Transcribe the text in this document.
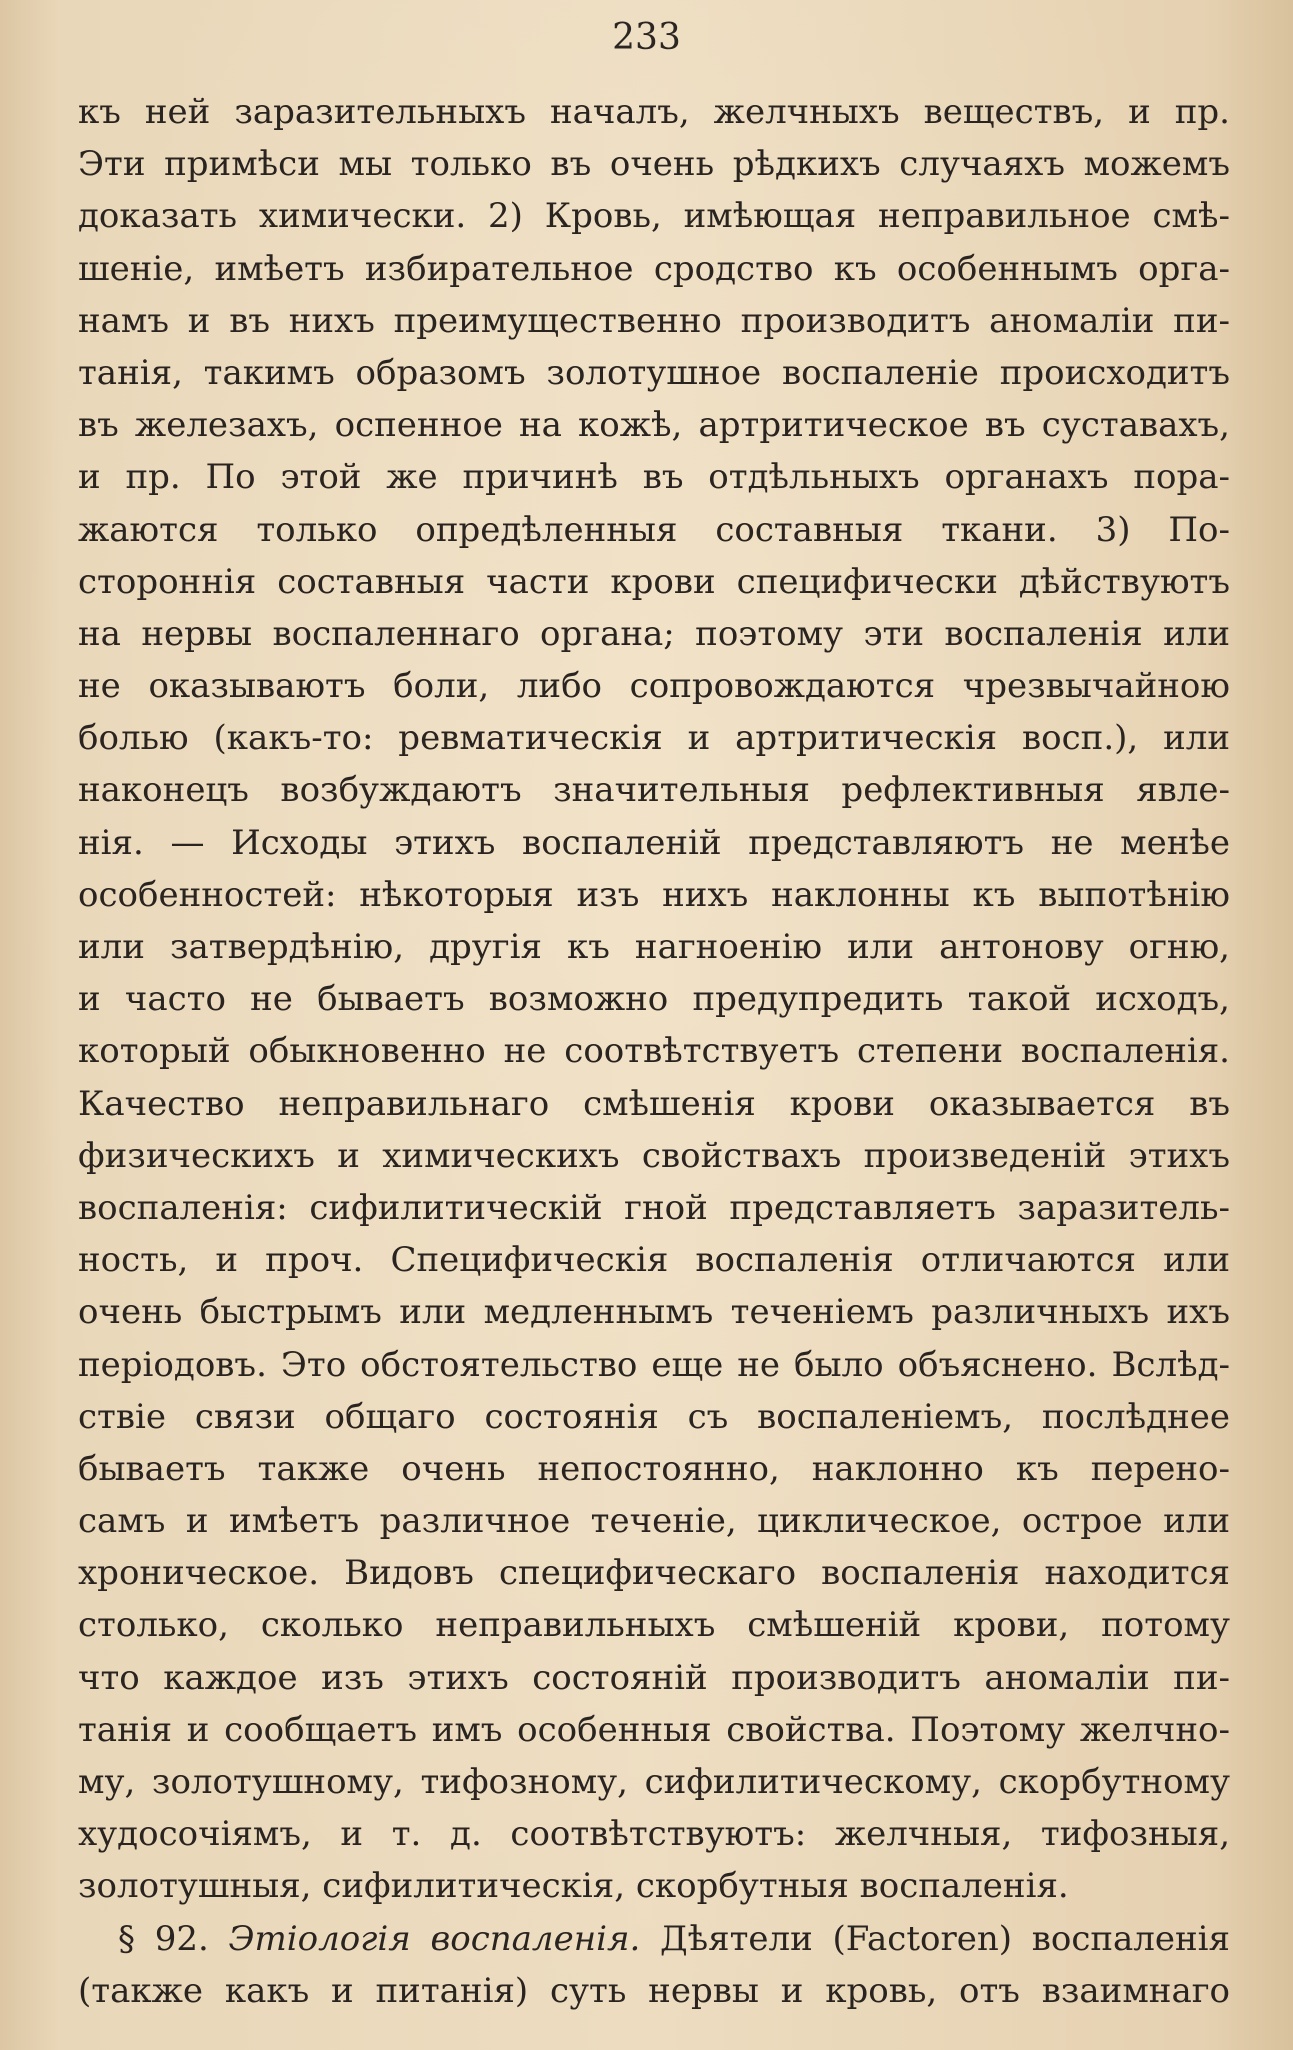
233
къ ней заразительныхъ началъ, желчныхъ веществъ, и пр.
Эти примѣси мы только въ очень рѣдкихъ случаяхъ можемъ
доказать химически. 2) Кровь, имѣющая неправильное смѣ-
шеніе, имѣетъ избирательное сродство къ особеннымъ орга-
намъ и въ нихъ преимущественно производитъ аномаліи пи-
танія, такимъ образомъ золотушное воспаленіе происходитъ
въ железахъ, оспенное на кожѣ, артритическое въ суставахъ,
и пр. По этой же причинѣ въ отдѣльныхъ органахъ пора-
жаются только опредѣленныя составныя ткани. 3) По-
стороннія составныя части крови специфически дѣйствуютъ
на нервы воспаленнаго органа; поэтому эти воспаленія или
не оказываютъ боли, либо сопровождаются чрезвычайною
болью (какъ-то: ревматическія и артритическія восп.), или
наконецъ возбуждаютъ значительныя рефлективныя явле-
нія. — Исходы этихъ воспаленій представляютъ не менѣе
особенностей: нѣкоторыя изъ нихъ наклонны къ выпотѣнію
или затвердѣнію, другія къ нагноенію или антонову огню,
и часто не бываетъ возможно предупредить такой исходъ,
который обыкновенно не соотвѣтствуетъ степени воспаленія.
Качество неправильнаго смѣшенія крови оказывается въ
физическихъ и химическихъ свойствахъ произведеній этихъ
воспаленія: сифилитическій гной представляетъ заразитель-
ность, и проч. Специфическія воспаленія отличаются или
очень быстрымъ или медленнымъ теченіемъ различныхъ ихъ
періодовъ. Это обстоятельство еще не было объяснено. Вслѣд-
ствіе связи общаго состоянія съ воспаленіемъ, послѣднее
бываетъ также очень непостоянно, наклонно къ перено-
самъ и имѣетъ различное теченіе, циклическое, острое или
хроническое. Видовъ специфическаго воспаленія находится
столько, сколько неправильныхъ смѣшеній крови, потому
что каждое изъ этихъ состояній производитъ аномаліи пи-
танія и сообщаетъ имъ особенныя свойства. Поэтому желчно-
му, золотушному, тифозному, сифилитическому, скорбутному
худосочіямъ, и т. д. соотвѣтствуютъ: желчныя, тифозныя,
золотушныя, сифилитическія, скорбутныя воспаленія.
§ 92. Этіологія воспаленія. Дѣятели (Factoren) воспаленія
(также какъ и питанія) суть нервы и кровь, отъ взаимнаго
